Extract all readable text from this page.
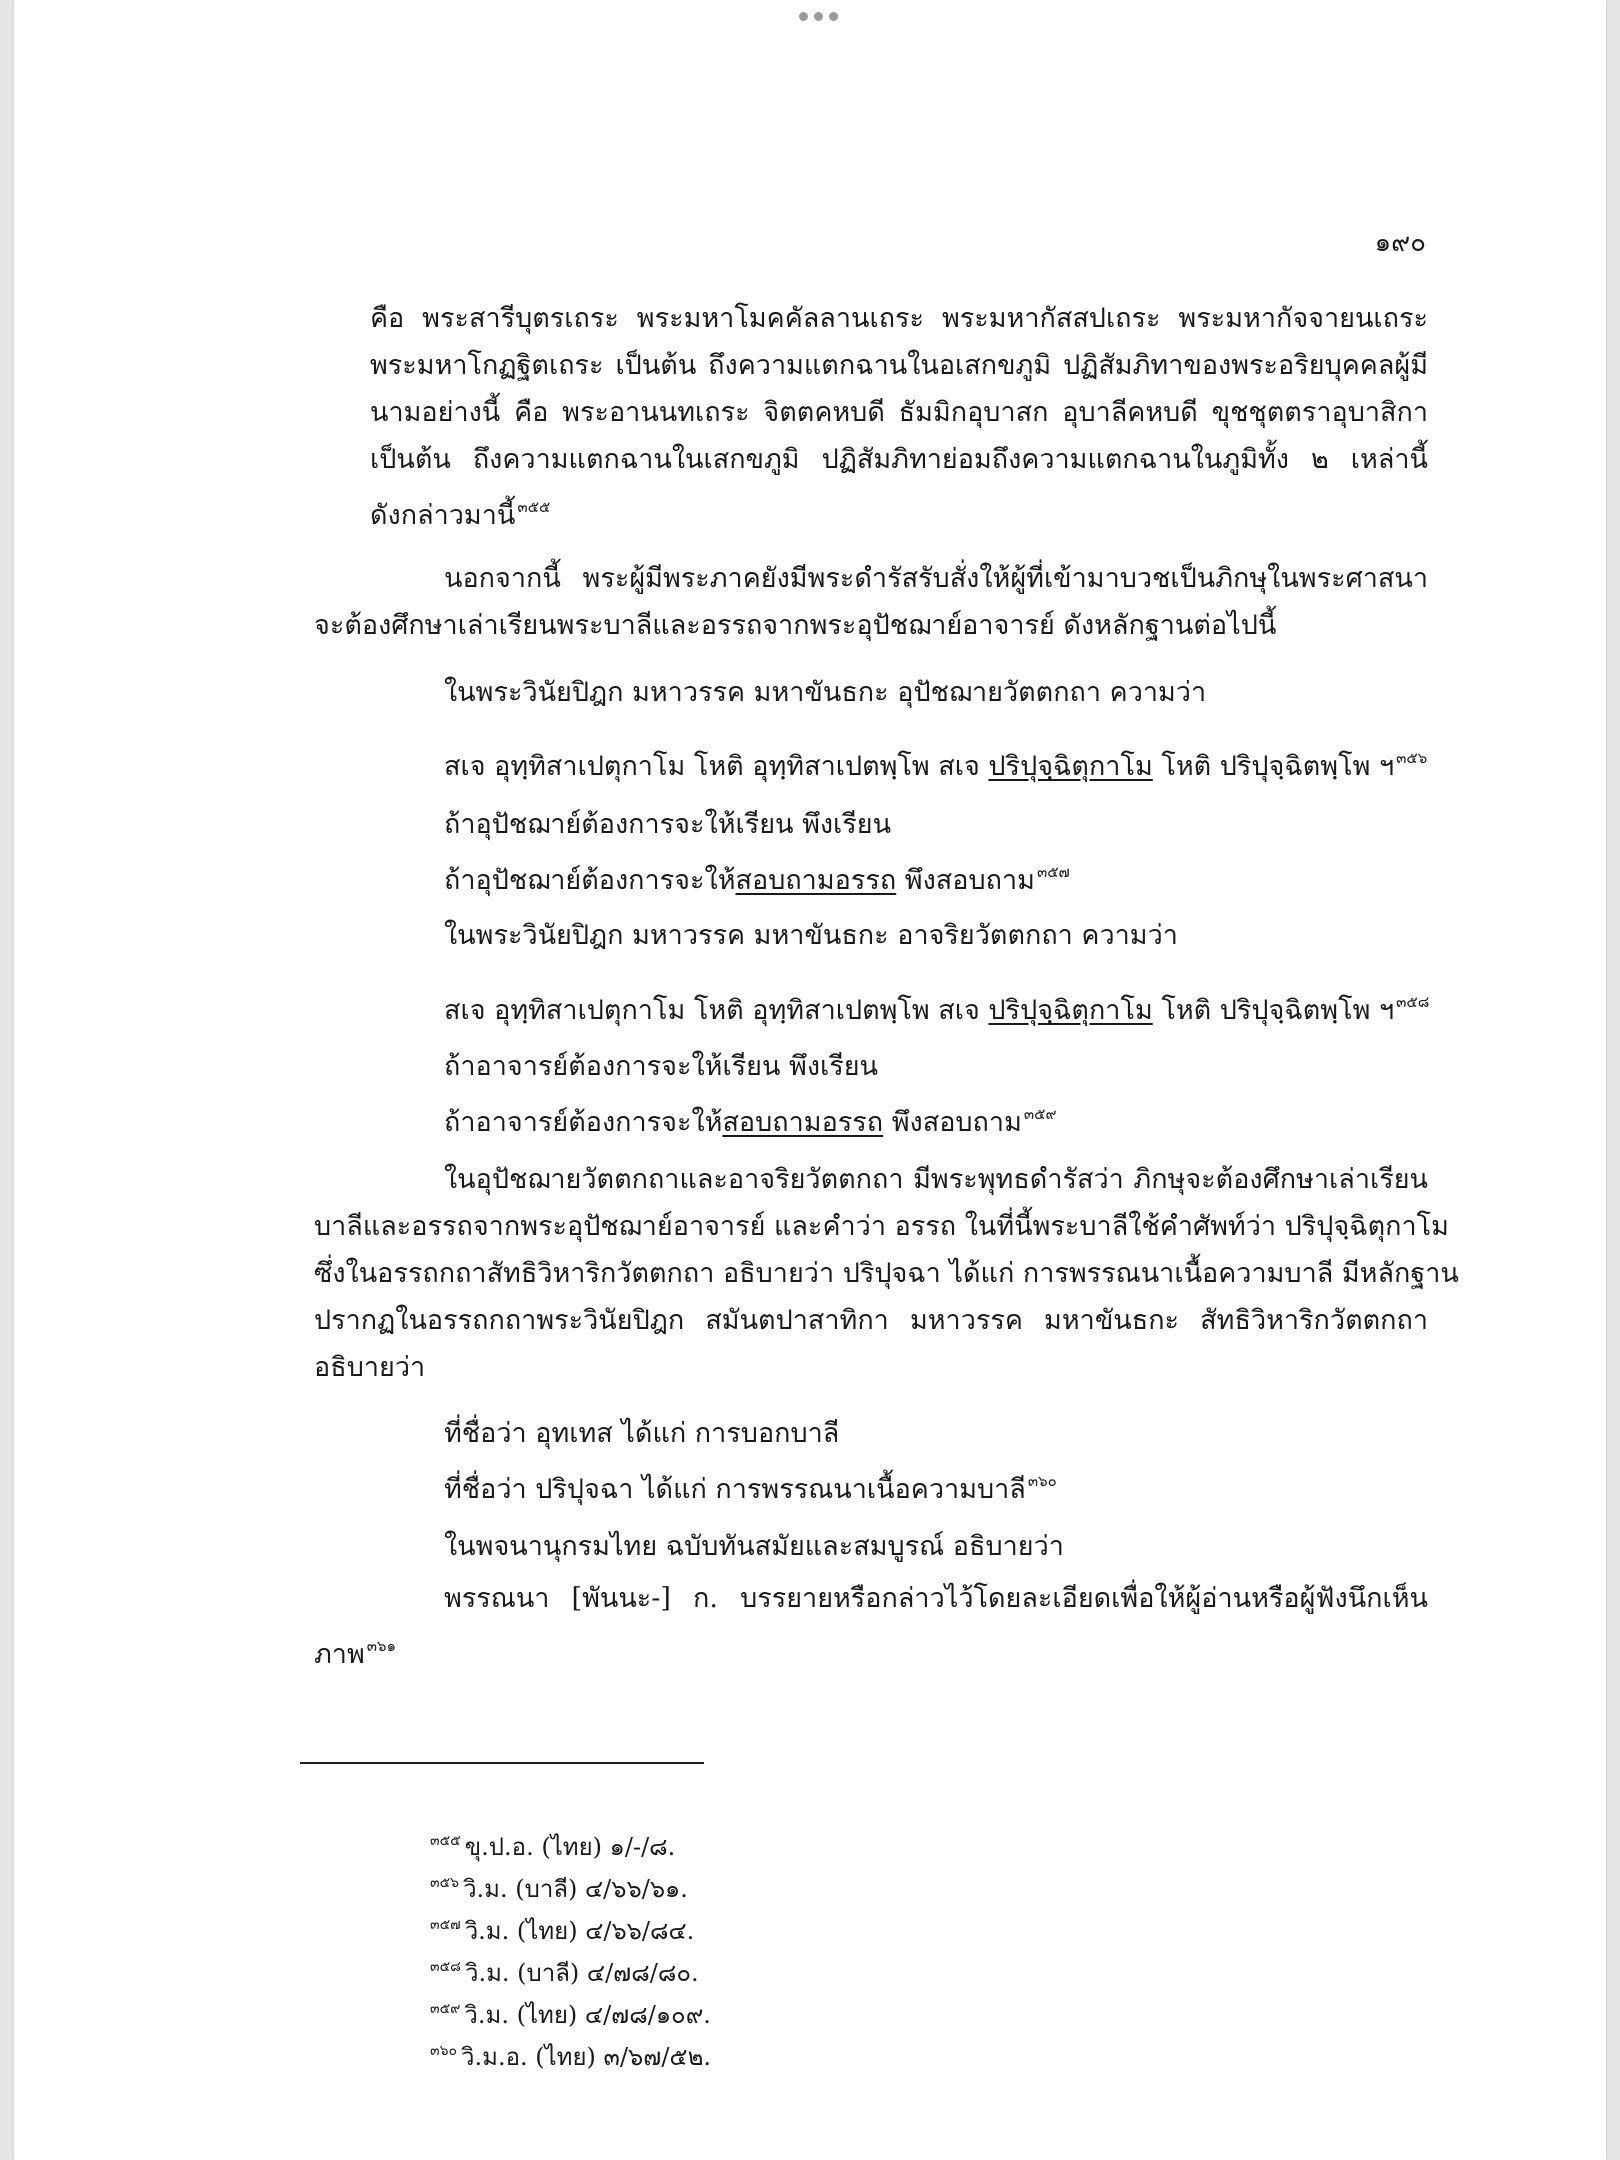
๑๙๐
คือ พระสารีบุตรเถระ พระมหาโมคคัลลานเถระ พระมหากัสสปเถระ พระมหากัจจายนเถระ
พระมหาโกฏฐิตเถระ เป็นต้น ถึงความแตกฉานในอเสกขภูมิ ปฏิสัมภิทาของพระอริยบุคคลผู้มี
นามอย่างนี้ คือ พระอานนทเถระ จิตตคหบดี ธัมมิกอุบาสก อุบาลีคหบดี ขุชชุตตราอุบาสิกา
เป็นต้น ถึงความแตกฉานในเสกขภูมิ ปฏิสัมภิทาย่อมถึงความแตกฉานในภูมิทั้ง ๒ เหล่านี้
ดังกล่าวมานี้ $^{๓๕๕}$
นอกจากนี้ พระผู้มีพระภาคยังมีพระดำรัสรับสั่งให้ผู้ที่เข้ามาบวชเป็นภิกษุในพระศาสนา
จะต้องศึกษาเล่าเรียนพระบาลีและอรรถจากพระอุปัชฌาย์อาจารย์ ดังหลักฐานต่อไปนี้
ในพระวินัยปิฎก มหาวรรค มหาขันธกะ อุปัชฌายวัตตกถา ความว่า
สเจ อุทฺทิสาเปตุกาโม โหติ อุทฺทิสาเปตพฺโพ สเจ ปริปุจฺฉิตุกาโม โหติ ปริปุจฺฉิตพฺโพ ฯ $^{๓๕๖}$
ถ้าอุปัชฌาย์ต้องการจะให้เรียน พึงเรียน
ถ้าอุปัชฌาย์ต้องการจะให้สอบถามอรรถ พึงสอบถาม $^{๓๕๗}$
ในพระวินัยปิฎก มหาวรรค มหาขันธกะ อาจริยวัตตกถา ความว่า
สเจ อุทฺทิสาเปตุกาโม โหติ อุทฺทิสาเปตพฺโพ สเจ ปริปุจฺฉิตุกาโม โหติ ปริปุจฺฉิตพฺโพ ฯ $^{๓๕๘}$
ถ้าอาจารย์ต้องการจะให้เรียน พึงเรียน
ถ้าอาจารย์ต้องการจะให้สอบถามอรรถ พึงสอบถาม $^{๓๕๙}$
ในอุปัชฌายวัตตกถาและอาจริยวัตตกถา มีพระพุทธดำรัสว่า ภิกษุจะต้องศึกษาเล่าเรียน
บาลีและอรรถจากพระอุปัชฌาย์อาจารย์ และคำว่า อรรถ ในที่นี้พระบาลีใช้คำศัพท์ว่า ปริปุจฺฉิตุกาโม
ซึ่งในอรรถกถาสัทธิวิหาริกวัตตกถา อธิบายว่า ปริปุจฉา ได้แก่ การพรรณนาเนื้อความบาลี มีหลักฐาน
ปรากฏในอรรถกถาพระวินัยปิฎก สมันตปาสาทิกา มหาวรรค มหาขันธกะ สัทธิวิหาริกวัตตกถา
อธิบายว่า
ที่ชื่อว่า อุทเทส ได้แก่ การบอกบาลี
ที่ชื่อว่า ปริปุจฉา ได้แก่ การพรรณนาเนื้อความบาลี $^{๓๖๐}$
ในพจนานุกรมไทย ฉบับทันสมัยและสมบูรณ์ อธิบายว่า
พรรณนา [พันนะ-] ก. บรรยายหรือกล่าวไว้โดยละเอียดเพื่อให้ผู้อ่านหรือผู้ฟังนึกเห็น
ภาพ $^{๓๖๑}$
$^{๓๕๕}$ ขุ.ป.อ. (ไทย) ๑/-/๘.
$^{๓๕๖}$ วิ.ม. (บาลี) ๔/๖๖/๖๑.
$^{๓๕๗}$ วิ.ม. (ไทย) ๔/๖๖/๘๔.
$^{๓๕๘}$ วิ.ม. (บาลี) ๔/๗๘/๘๐.
$^{๓๕๙}$ วิ.ม. (ไทย) ๔/๗๘/๑๐๙.
$^{๓๖๐}$ วิ.ม.อ. (ไทย) ๓/๖๗/๕๒.
